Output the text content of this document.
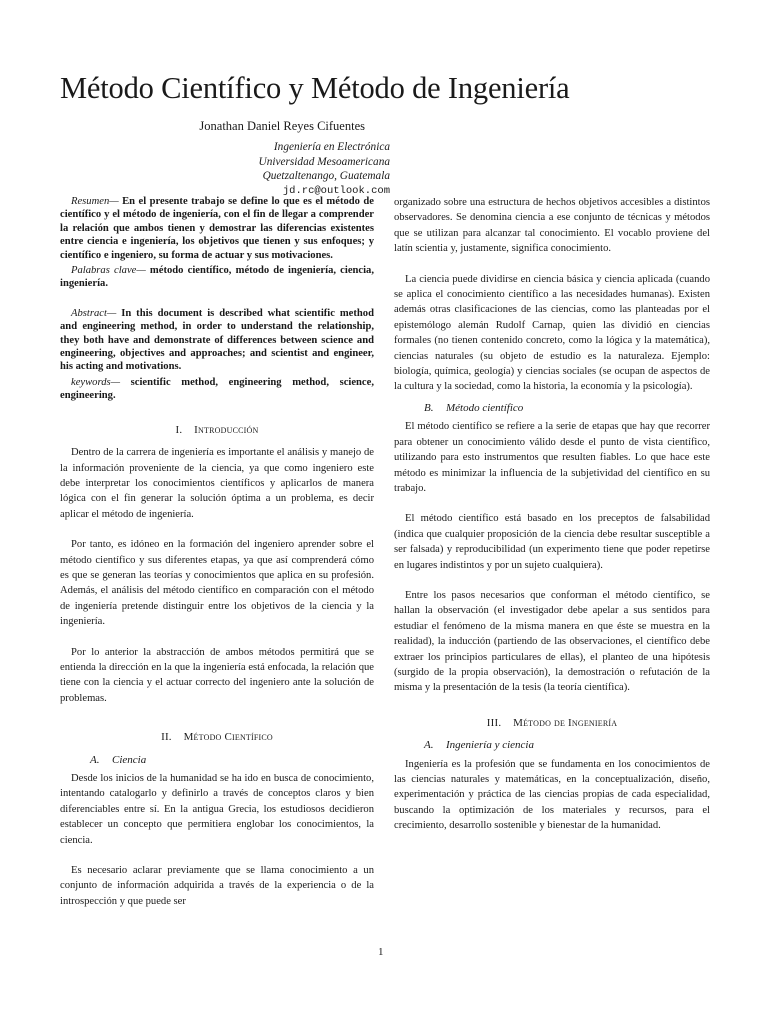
Método Científico y Método de Ingeniería
Jonathan Daniel Reyes Cifuentes
Ingeniería en Electrónica
Universidad Mesoamericana
Quetzaltenango, Guatemala
jd.rc@outlook.com
Resumen— En el presente trabajo se define lo que es el método de científico y el método de ingeniería, con el fin de llegar a comprender la relación que ambos tienen y demostrar las diferencias existentes entre ciencia e ingeniería, los objetivos que tienen y sus enfoques; y científico e ingeniero, su forma de actuar y sus motivaciones.
Palabras clave— método científico, método de ingeniería, ciencia, ingeniería.
Abstract— In this document is described what scientific method and engineering method, in order to understand the relationship, they both have and demonstrate of differences between science and engineering, objectives and approaches; and scientist and engineer, his acting and motivations.
keywords— scientific method, engineering method, science, engineering.
I. Introducción

Dentro de la carrera de ingeniería es importante el análisis y manejo de la información proveniente de la ciencia, ya que como ingeniero este debe interpretar los conocimientos científicos y aplicarlos de manera lógica con el fin generar la solución óptima a un problema, es decir aplicar el método de ingeniería.

Por tanto, es idóneo en la formación del ingeniero aprender sobre el método científico y sus diferentes etapas, ya que así comprenderá cómo es que se generan las teorías y conocimientos que aplica en su profesión. Además, el análisis del método científico en comparación con el método de ingeniería pretende distinguir entre los objetivos de la ciencia y la ingeniería.

Por lo anterior la abstracción de ambos métodos permitirá que se entienda la dirección en la que la ingeniería está enfocada, la relación que tiene con la ciencia y el actuar correcto del ingeniero ante la solución de problemas.

II. Método Científico
A. Ciencia

Desde los inicios de la humanidad se ha ido en busca de conocimiento, intentando catalogarlo y definirlo a través de conceptos claros y bien diferenciables entre sí. En la antigua Grecia, los estudiosos decidieron establecer un concepto que permitiera englobar los conocimientos, la ciencia.

Es necesario aclarar previamente que se llama conocimiento a un conjunto de información adquirida a través de la experiencia o de la introspección y que puede ser

organizado sobre una estructura de hechos objetivos accesibles a distintos observadores. Se denomina ciencia a ese conjunto de técnicas y métodos que se utilizan para alcanzar tal conocimiento. El vocablo proviene del latín scientia y, justamente, significa conocimiento.

La ciencia puede dividirse en ciencia básica y ciencia aplicada (cuando se aplica el conocimiento científico a las necesidades humanas). Existen además otras clasificaciones de las ciencias, como las planteadas por el epistemólogo alemán Rudolf Carnap, quien las dividió en ciencias formales (no tienen contenido concreto, como la lógica y la matemática), ciencias naturales (su objeto de estudio es la naturaleza. Ejemplo: biología, química, geología) y ciencias sociales (se ocupan de aspectos de la cultura y la sociedad, como la historia, la economía y la psicología).

B. Método científico

El método científico se refiere a la serie de etapas que hay que recorrer para obtener un conocimiento válido desde el punto de vista científico, utilizando para esto instrumentos que resulten fiables. Lo que hace este método es minimizar la influencia de la subjetividad del científico en su trabajo.

El método científico está basado en los preceptos de falsabilidad (indica que cualquier proposición de la ciencia debe resultar susceptible a ser falsada) y reproducibilidad (un experimento tiene que poder repetirse en lugares indistintos y por un sujeto cualquiera).

Entre los pasos necesarios que conforman el método científico, se hallan la observación (el investigador debe apelar a sus sentidos para estudiar el fenómeno de la misma manera en que éste se muestra en la realidad), la inducción (partiendo de las observaciones, el científico debe extraer los principios particulares de ellas), el planteo de una hipótesis (surgido de la propia observación), la demostración o refutación de la misma y la presentación de la tesis (la teoría científica).

III. Método de Ingeniería
A. Ingeniería y ciencia

Ingeniería es la profesión que se fundamenta en los conocimientos de las ciencias naturales y matemáticas, en la conceptualización, diseño, experimentación y práctica de las ciencias propias de cada especialidad, buscando la optimización de los materiales y recursos, para el crecimiento, desarrollo sostenible y bienestar de la humanidad.

1
